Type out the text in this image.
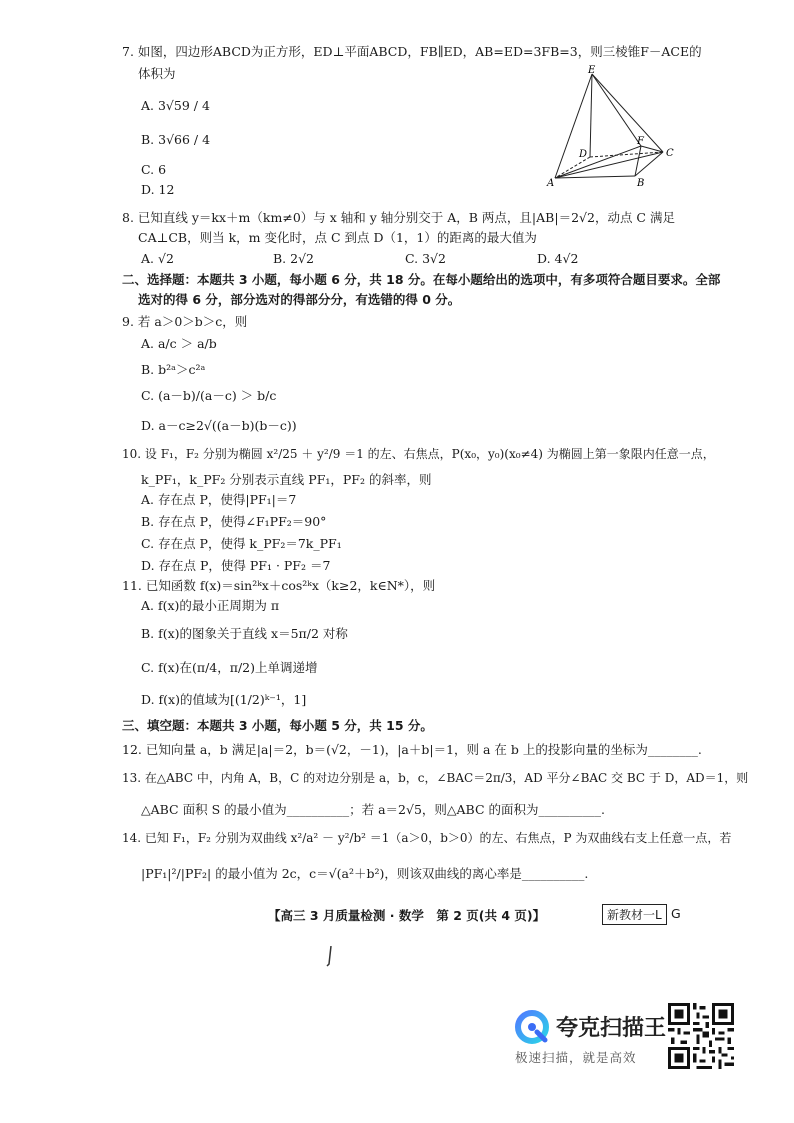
7. 如图，四边形ABCD为正方形，ED⊥平面ABCD，FB∥ED，AB=ED=3FB=3，则三棱锥F－ACE的
体积为
A. 3√59 / 4
B. 3√66 / 4
C. 6
D. 12
E
D
F
C
A	B
8. 已知直线 y＝kx＋m（km≠0）与 x 轴和 y 轴分别交于 A，B 两点，且|AB|＝2√2，动点 C 满足
CA⊥CB，则当 k，m 变化时，点 C 到点 D（1，1）的距离的最大值为
A. √2	B. 2√2	C. 3√2	D. 4√2
二、选择题：本题共 3 小题，每小题 6 分，共 18 分。在每小题给出的选项中，有多项符合题目要求。全部
选对的得 6 分，部分选对的得部分分，有选错的得 0 分。
9. 若 a＞0＞b＞c，则
A. a/c ＞ a/b
B. b²ᵃ＞c²ᵃ
C. (a－b)/(a－c) ＞ b/c
D. a－c≥2√((a－b)(b－c))
10. 设 F₁，F₂ 分别为椭圆 x²/25 ＋ y²/9 ＝1 的左、右焦点，P(x₀，y₀)(x₀≠4) 为椭圆上第一象限内任意一点，
k_PF₁，k_PF₂ 分别表示直线 PF₁，PF₂ 的斜率，则
A. 存在点 P，使得|PF₁|＝7
B. 存在点 P，使得∠F₁PF₂＝90°
C. 存在点 P，使得 k_PF₂＝7k_PF₁
D. 存在点 P，使得 PF₁ · PF₂ ＝7
11. 已知函数 f(x)＝sin²ᵏx＋cos²ᵏx（k≥2，k∈N*），则
A. f(x)的最小正周期为 π
B. f(x)的图象关于直线 x＝5π/2 对称
C. f(x)在(π/4，π/2)上单调递增
D. f(x)的值域为[(1/2)ᵏ⁻¹，1]
三、填空题：本题共 3 小题，每小题 5 分，共 15 分。
12. 已知向量 a，b 满足|a|＝2，b＝(√2，－1)，|a＋b|＝1，则 a 在 b 上的投影向量的坐标为________.
13. 在△ABC 中，内角 A，B，C 的对边分别是 a，b，c，∠BAC＝2π/3，AD 平分∠BAC 交 BC 于 D，AD＝1，则
△ABC 面积 S 的最小值为__________；若 a＝2√5，则△ABC 的面积为__________.
14. 已知 F₁，F₂ 分别为双曲线 x²/a² － y²/b² ＝1（a＞0，b＞0）的左、右焦点，P 为双曲线右支上任意一点，若
|PF₁|²/|PF₂| 的最小值为 2c，c＝√(a²＋b²)，则该双曲线的离心率是__________.
【高三 3 月质量检测 · 数学　第 2 页(共 4 页)】	新教材一L G
夸克扫描王
极速扫描，就是高效
